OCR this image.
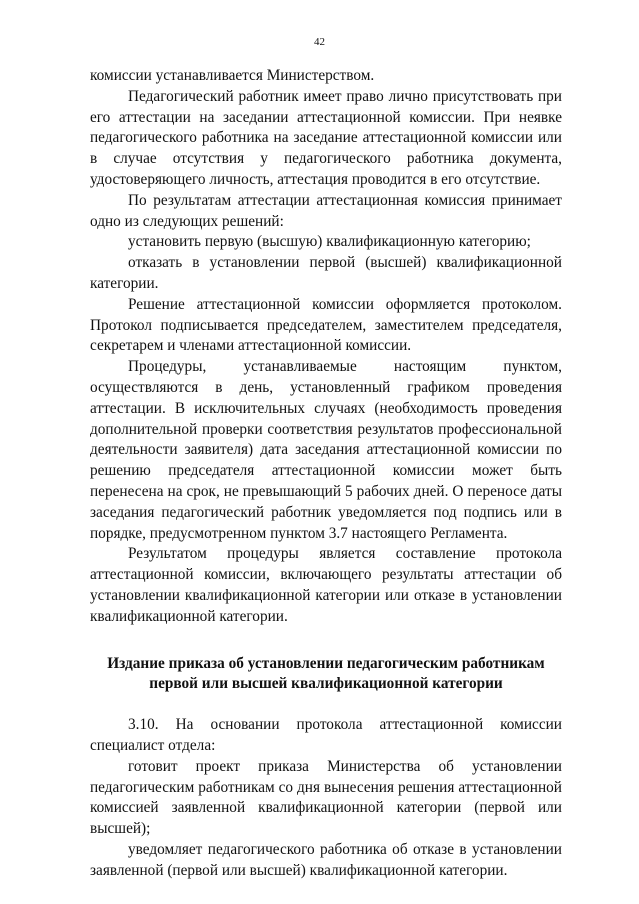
42

комиссии устанавливается Министерством.

Педагогический работник имеет право лично присутствовать при его аттестации на заседании аттестационной комиссии. При неявке педагогического работника на заседание аттестационной комиссии или в случае отсутствия у педагогического работника документа, удостоверяющего личность, аттестация проводится в его отсутствие.

По результатам аттестации аттестационная комиссия принимает одно из следующих решений:

установить первую (высшую) квалификационную категорию;

отказать в установлении первой (высшей) квалификационной категории.

Решение аттестационной комиссии оформляется протоколом. Протокол подписывается председателем, заместителем председателя, секретарем и членами аттестационной комиссии.

Процедуры, устанавливаемые настоящим пунктом, осуществляются в день, установленный графиком проведения аттестации. В исключительных случаях (необходимость проведения дополнительной проверки соответствия результатов профессиональной деятельности заявителя) дата заседания аттестационной комиссии по решению председателя аттестационной комиссии может быть перенесена на срок, не превышающий 5 рабочих дней. О переносе даты заседания педагогический работник уведомляется под подпись или в порядке, предусмотренном пунктом 3.7 настоящего Регламента.

Результатом процедуры является составление протокола аттестационной комиссии, включающего результаты аттестации об установлении квалификационной категории или отказе в установлении квалификационной категории.

Издание приказа об установлении педагогическим работникам
первой или высшей квалификационной категории

3.10. На основании протокола аттестационной комиссии специалист отдела:

готовит проект приказа Министерства об установлении педагогическим работникам со дня вынесения решения аттестационной комиссией заявленной квалификационной категории (первой или высшей);

уведомляет педагогического работника об отказе в установлении заявленной (первой или высшей) квалификационной категории.
